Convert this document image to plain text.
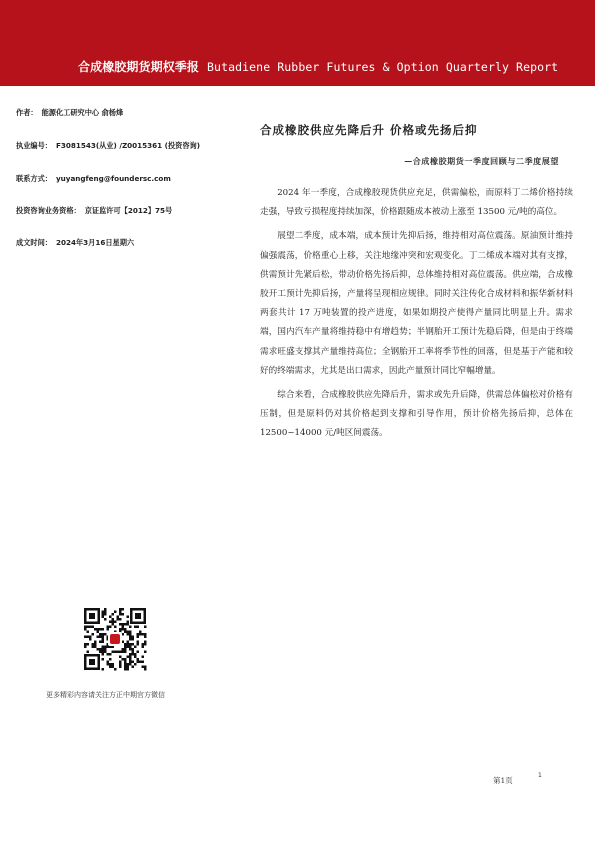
合成橡胶期货期权季报 Butadiene Rubber Futures & Option Quarterly Report
作者： 能源化工研究中心 俞杨烽
执业编号： F3081543(从业) /Z0015361 (投资咨询)
联系方式： yuyangfeng@foundersc.com
投资咨询业务资格： 京证监许可【2012】75号
成文时间： 2024年3月16日星期六
合成橡胶供应先降后升 价格或先扬后抑
—合成橡胶期货一季度回顾与二季度展望

2024 年一季度，合成橡胶现货供应充足，供需偏松，而原料丁二烯价格持续走强，导致亏损程度持续加深，价格跟随成本被动上涨至 13500 元/吨的高位。

展望二季度，成本端，成本预计先抑后扬，维持相对高位震荡。原油预计维持偏强震荡，价格重心上移，关注地缘冲突和宏观变化。丁二烯成本端对其有支撑，供需预计先紧后松，带动价格先扬后抑，总体维持相对高位震荡。供应端，合成橡胶开工预计先抑后扬，产量将呈现相应规律。同时关注传化合成材料和振华新材料两套共计 17 万吨装置的投产进度，如果如期投产使得产量同比明显上升。需求端，国内汽车产量将维持稳中有增趋势；半钢胎开工预计先稳后降，但是由于终端需求旺盛支撑其产量维持高位；全钢胎开工率将季节性的回落，但是基于产能和较好的终端需求，尤其是出口需求，因此产量预计同比窄幅增量。

综合来看，合成橡胶供应先降后升，需求或先升后降，供需总体偏松对价格有压制，但是原料仍对其价格起到支撑和引导作用，预计价格先扬后抑，总体在 12500~14000 元/吨区间震荡。

更多精彩内容请关注方正中期官方微信
第1页
1
